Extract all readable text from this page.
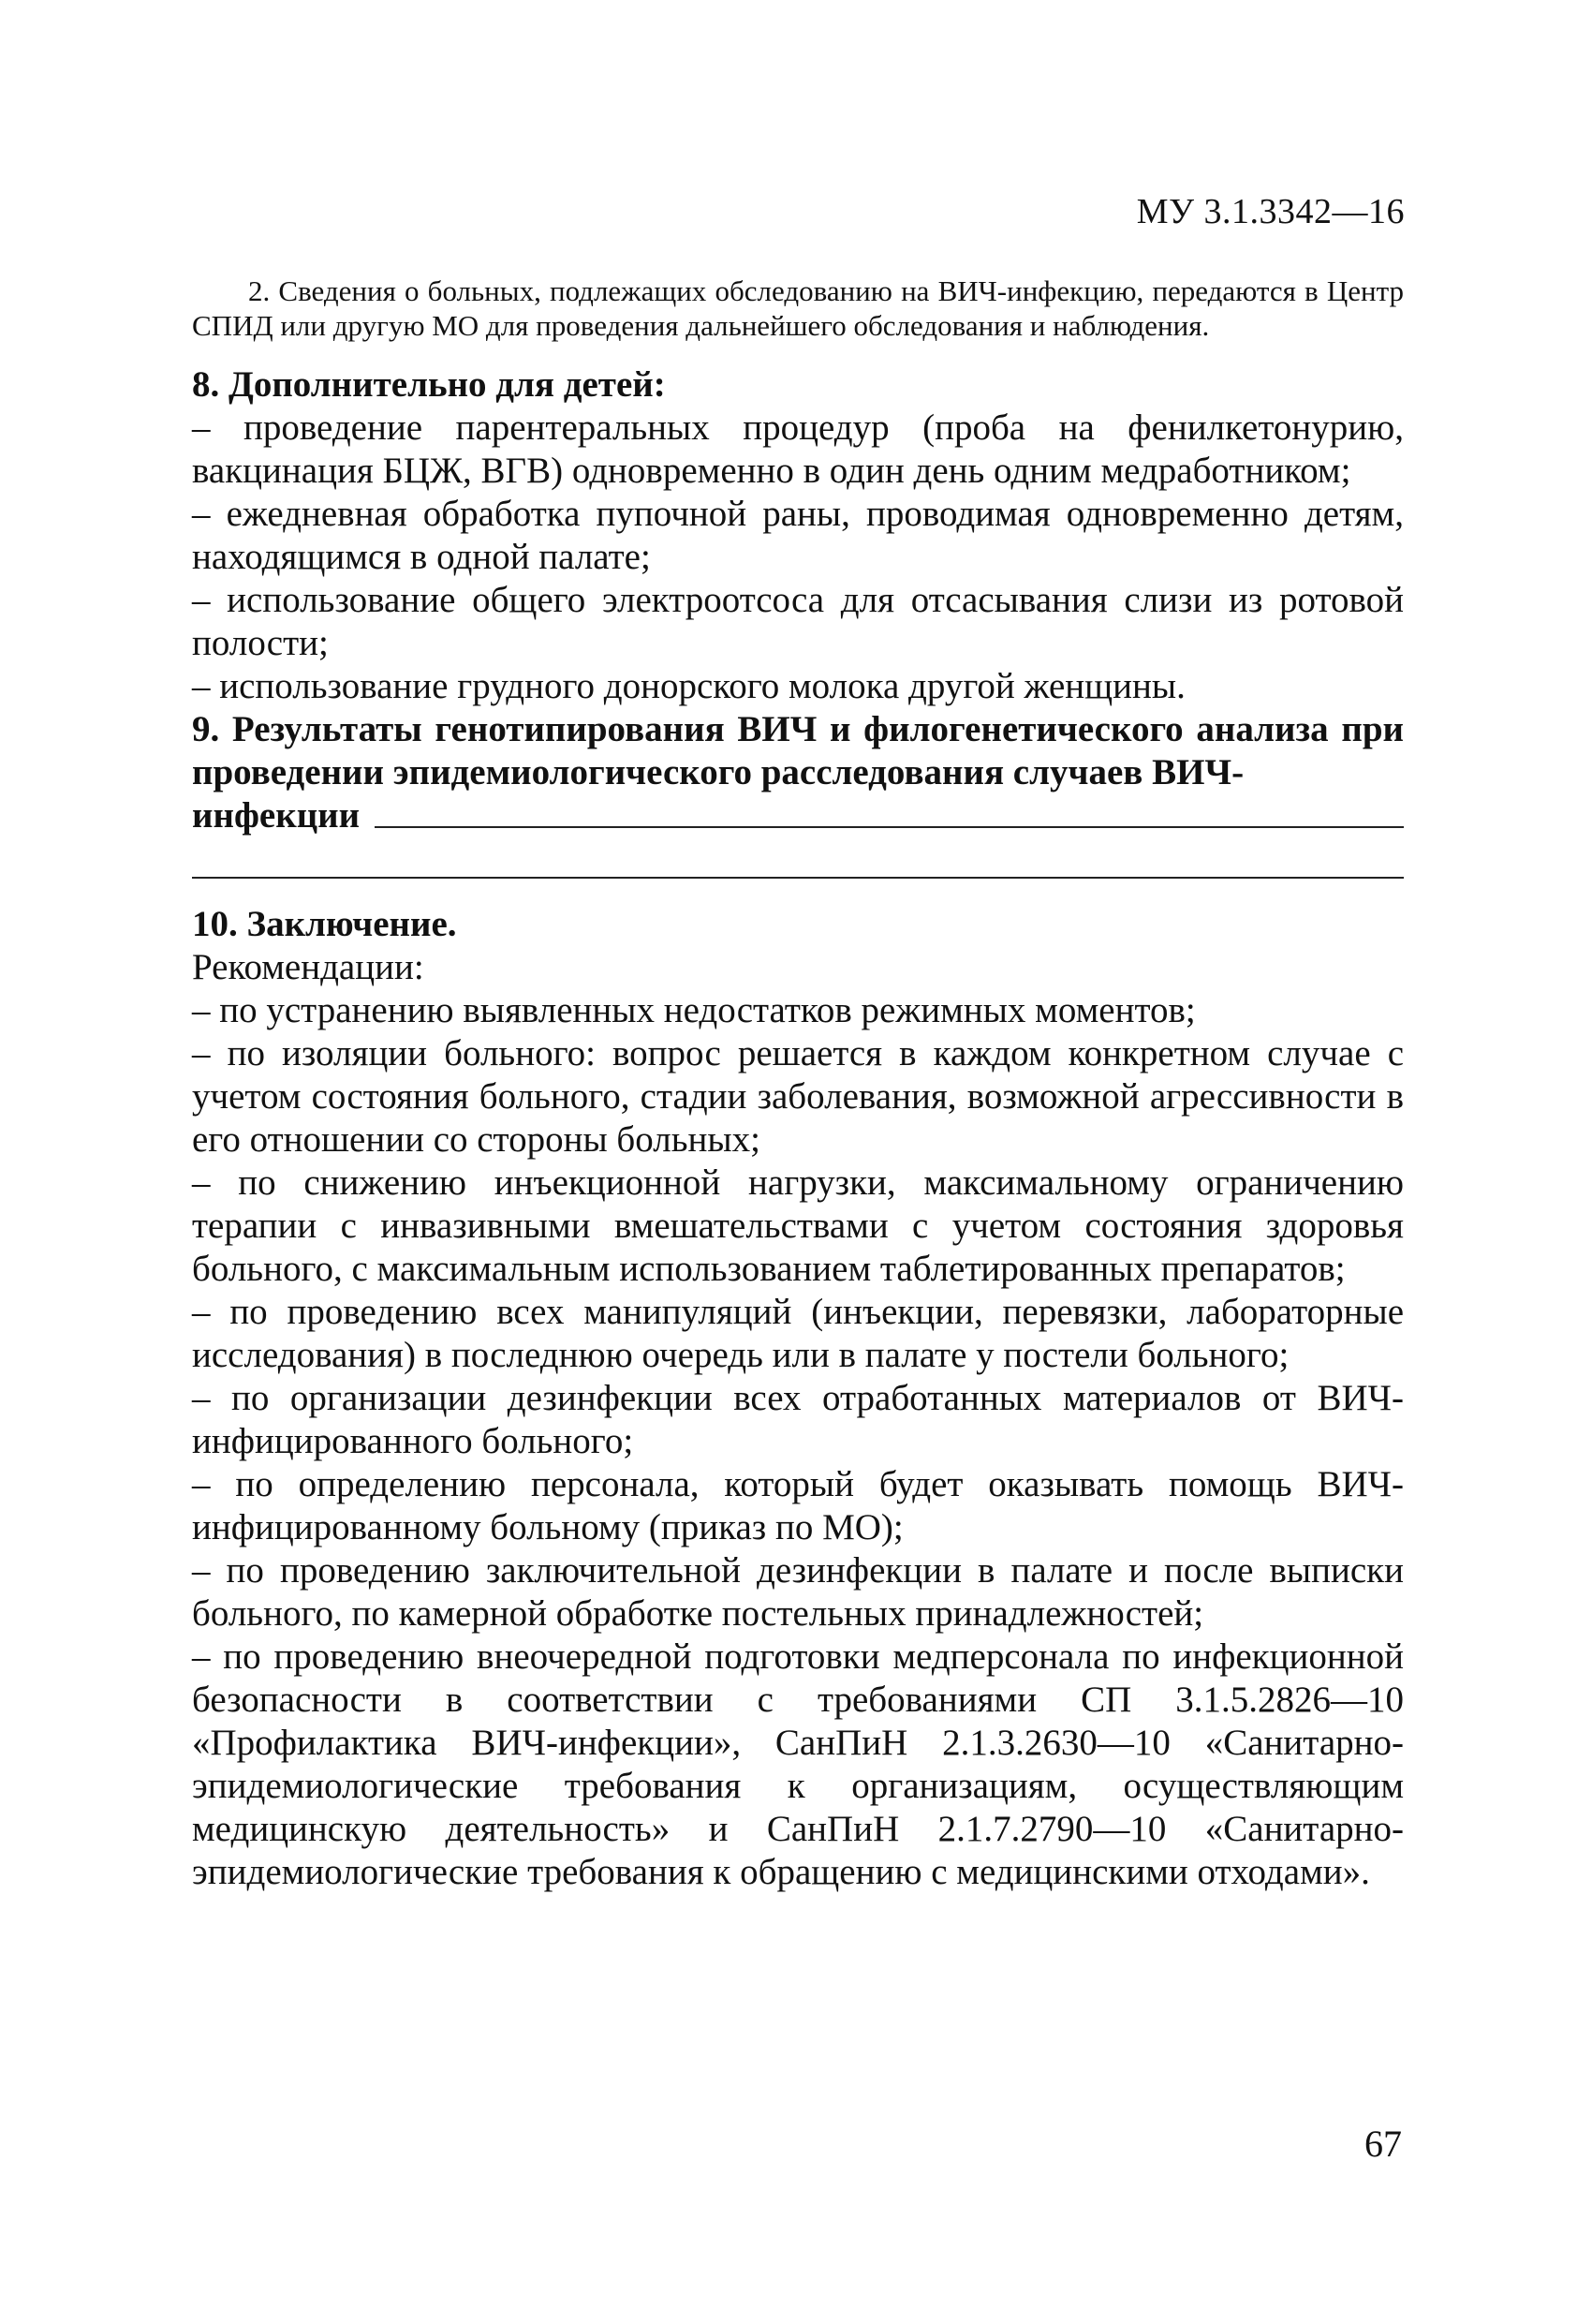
МУ 3.1.3342—16

2. Сведения о больных, подлежащих обследованию на ВИЧ-инфекцию, передаются в Центр СПИД или другую МО для проведения дальнейшего обследования и наблюдения.

8. Дополнительно для детей:

– проведение парентеральных процедур (проба на фенилкетонурию, вакцинация БЦЖ, ВГВ) одновременно в один день одним медработником;

– ежедневная обработка пупочной раны, проводимая одновременно детям, находящимся в одной палате;

– использование общего электроотсоса для отсасывания слизи из ротовой полости;

– использование грудного донорского молока другой женщины.

9. Результаты генотипирования ВИЧ и филогенетического анализа при проведении эпидемиологического расследования случаев ВИЧ-

инфекции

10. Заключение.

Рекомендации:

– по устранению выявленных недостатков режимных моментов;

– по изоляции больного: вопрос решается в каждом конкретном случае с учетом состояния больного, стадии заболевания, возможной агрессивности в его отношении со стороны больных;

– по снижению инъекционной нагрузки, максимальному ограничению терапии с инвазивными вмешательствами с учетом состояния здоровья больного, с максимальным использованием таблетированных препаратов;

– по проведению всех манипуляций (инъекции, перевязки, лабораторные исследования) в последнюю очередь или в палате у постели больного;

– по организации дезинфекции всех отработанных материалов от ВИЧ-инфицированного больного;

– по определению персонала, который будет оказывать помощь ВИЧ-инфицированному больному (приказ по МО);

– по проведению заключительной дезинфекции в палате и после выписки больного, по камерной обработке постельных принадлежностей;

– по проведению внеочередной подготовки медперсонала по инфекционной безопасности в соответствии с требованиями СП 3.1.5.2826—10 «Профилактика ВИЧ-инфекции», СанПиН 2.1.3.2630—10 «Санитарно-эпидемиологические требования к организациям, осуществляющим медицинскую деятельность» и СанПиН 2.1.7.2790—10 «Санитарно-эпидемиологические требования к обращению с медицинскими отходами».

67
